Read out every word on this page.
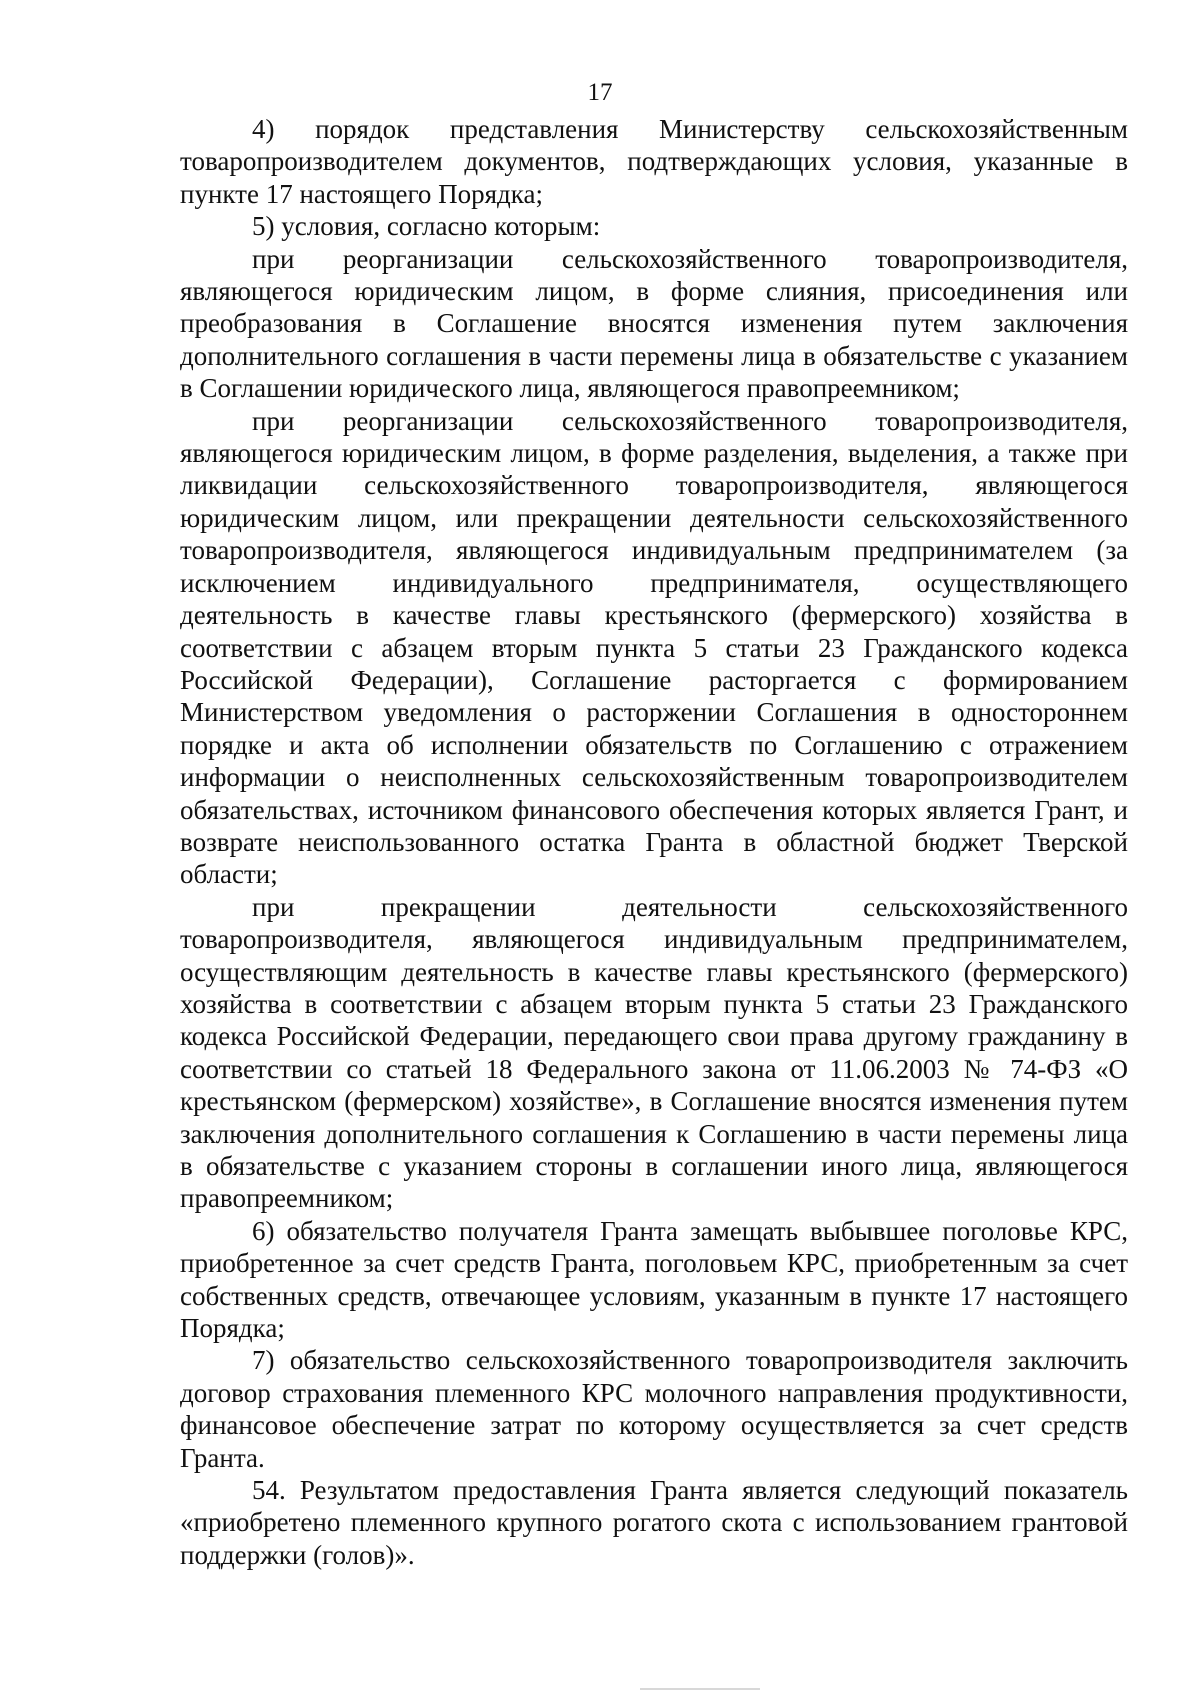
17

4) порядок представления Министерству сельскохозяйственным товаропроизводителем документов, подтверждающих условия, указанные в пункте 17 настоящего Порядка;

5) условия, согласно которым:

при реорганизации сельскохозяйственного товаропроизводителя, являющегося юридическим лицом, в форме слияния, присоединения или преобразования в Соглашение вносятся изменения путем заключения дополнительного соглашения в части перемены лица в обязательстве с указанием в Соглашении юридического лица, являющегося правопреемником;

при реорганизации сельскохозяйственного товаропроизводителя, являющегося юридическим лицом, в форме разделения, выделения, а также при ликвидации сельскохозяйственного товаропроизводителя, являющегося юридическим лицом, или прекращении деятельности сельскохозяйственного товаропроизводителя, являющегося индивидуальным предпринимателем (за исключением индивидуального предпринимателя, осуществляющего деятельность в качестве главы крестьянского (фермерского) хозяйства в соответствии с абзацем вторым пункта 5 статьи 23 Гражданского кодекса Российской Федерации), Соглашение расторгается с формированием Министерством уведомления о расторжении Соглашения в одностороннем порядке и акта об исполнении обязательств по Соглашению с отражением информации о неисполненных сельскохозяйственным товаропроизводителем обязательствах, источником финансового обеспечения которых является Грант, и возврате неиспользованного остатка Гранта в областной бюджет Тверской области;

при прекращении деятельности сельскохозяйственного товаропроизводителя, являющегося индивидуальным предпринимателем, осуществляющим деятельность в качестве главы крестьянского (фермерского) хозяйства в соответствии с абзацем вторым пункта 5 статьи 23 Гражданского кодекса Российской Федерации, передающего свои права другому гражданину в соответствии со статьей 18 Федерального закона от 11.06.2003 № 74-ФЗ «О крестьянском (фермерском) хозяйстве», в Соглашение вносятся изменения путем заключения дополнительного соглашения к Соглашению в части перемены лица в обязательстве с указанием стороны в соглашении иного лица, являющегося правопреемником;

6) обязательство получателя Гранта замещать выбывшее поголовье КРС, приобретенное за счет средств Гранта, поголовьем КРС, приобретенным за счет собственных средств, отвечающее условиям, указанным в пункте 17 настоящего Порядка;

7) обязательство сельскохозяйственного товаропроизводителя заключить договор страхования племенного КРС молочного направления продуктивности, финансовое обеспечение затрат по которому осуществляется за счет средств Гранта.

54. Результатом предоставления Гранта является следующий показатель «приобретено племенного крупного рогатого скота с использованием грантовой поддержки (голов)».
